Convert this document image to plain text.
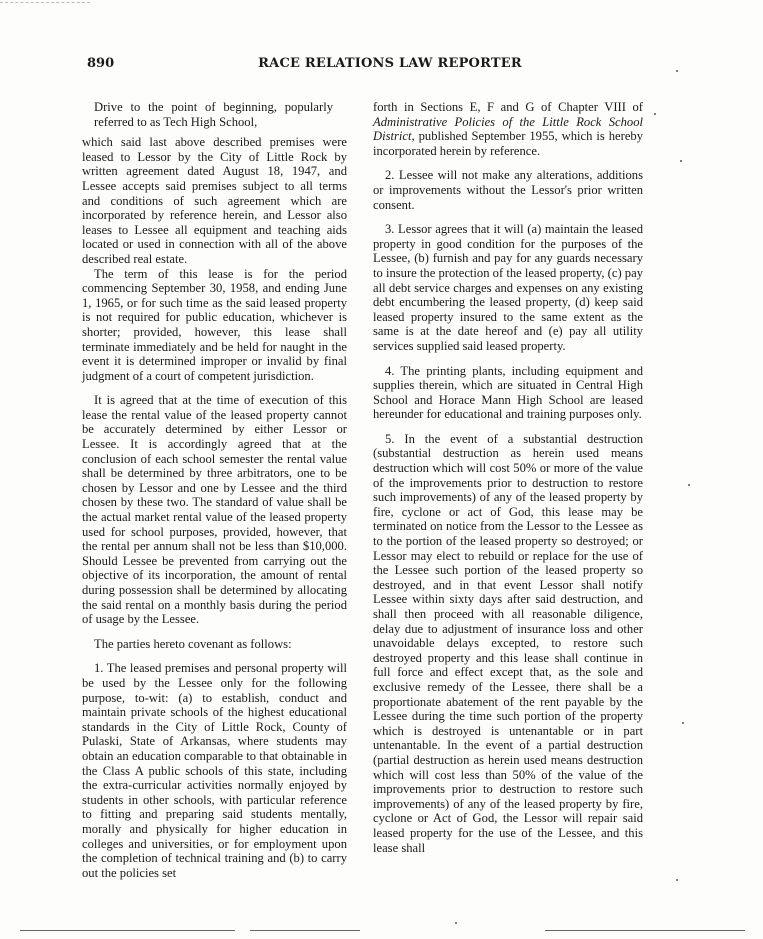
890	RACE RELATIONS LAW REPORTER

Drive to the point of beginning, popularly referred to as Tech High School,

which said last above described premises were leased to Lessor by the City of Little Rock by written agreement dated August 18, 1947, and Lessee accepts said premises subject to all terms and conditions of such agreement which are incorporated by reference herein, and Lessor also leases to Lessee all equipment and teaching aids located or used in connection with all of the above described real estate.

The term of this lease is for the period commencing September 30, 1958, and ending June 1, 1965, or for such time as the said leased property is not required for public education, whichever is shorter; provided, however, this lease shall terminate immediately and be held for naught in the event it is determined improper or invalid by final judgment of a court of competent jurisdiction.

It is agreed that at the time of execution of this lease the rental value of the leased property cannot be accurately determined by either Lessor or Lessee. It is accordingly agreed that at the conclusion of each school semester the rental value shall be determined by three arbitrators, one to be chosen by Lessor and one by Lessee and the third chosen by these two. The standard of value shall be the actual market rental value of the leased property used for school purposes, provided, however, that the rental per annum shall not be less than $10,000. Should Lessee be prevented from carrying out the objective of its incorporation, the amount of rental during possession shall be determined by allocating the said rental on a monthly basis during the period of usage by the Lessee.

The parties hereto covenant as follows:

1. The leased premises and personal property will be used by the Lessee only for the following purpose, to-wit: (a) to establish, conduct and maintain private schools of the highest educational standards in the City of Little Rock, County of Pulaski, State of Arkansas, where students may obtain an education comparable to that obtainable in the Class A public schools of this state, including the extra-curricular activities normally enjoyed by students in other schools, with particular reference to fitting and preparing said students mentally, morally and physically for higher education in colleges and universities, or for employment upon the completion of technical training and (b) to carry out the policies set

forth in Sections E, F and G of Chapter VIII of Administrative Policies of the Little Rock School District, published September 1955, which is hereby incorporated herein by reference.

2. Lessee will not make any alterations, additions or improvements without the Lessor's prior written consent.

3. Lessor agrees that it will (a) maintain the leased property in good condition for the purposes of the Lessee, (b) furnish and pay for any guards necessary to insure the protection of the leased property, (c) pay all debt service charges and expenses on any existing debt encumbering the leased property, (d) keep said leased property insured to the same extent as the same is at the date hereof and (e) pay all utility services supplied said leased property.

4. The printing plants, including equipment and supplies therein, which are situated in Central High School and Horace Mann High School are leased hereunder for educational and training purposes only.

5. In the event of a substantial destruction (substantial destruction as herein used means destruction which will cost 50% or more of the value of the improvements prior to destruction to restore such improvements) of any of the leased property by fire, cyclone or act of God, this lease may be terminated on notice from the Lessor to the Lessee as to the portion of the leased property so destroyed; or Lessor may elect to rebuild or replace for the use of the Lessee such portion of the leased property so destroyed, and in that event Lessor shall notify Lessee within sixty days after said destruction, and shall then proceed with all reasonable diligence, delay due to adjustment of insurance loss and other unavoidable delays excepted, to restore such destroyed property and this lease shall continue in full force and effect except that, as the sole and exclusive remedy of the Lessee, there shall be a proportionate abatement of the rent payable by the Lessee during the time such portion of the property which is destroyed is untenantable or in part untenantable. In the event of a partial destruction (partial destruction as herein used means destruction which will cost less than 50% of the value of the improvements prior to destruction to restore such improvements) of any of the leased property by fire, cyclone or Act of God, the Lessor will repair said leased property for the use of the Lessee, and this lease shall
